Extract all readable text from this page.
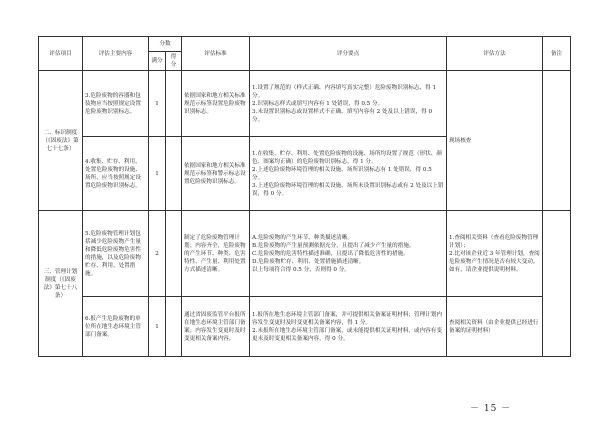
评估项目	评估主要内容	分数		评估标准	评分要点	评估方法	备注
		满分	得分				
二、标识制度（《固废法》第七十七条）	3.危险废物的容器和包装物应当按照规定设置危险废物识别标志。	1		依据国家和地方相关标准规范示标签设置危险废物识别标志。	1.设置了规范的（样式正确、内容填写真实完整）危险废物识别标志，得 1 分。
2.识别标志样式或填写内容有 1 处错误，得 0.5 分。
3.未设置识别标志或设置样式不正确、填写内容有 2 处及以上错误，得 0 分。	现场核查	
	4.收集、贮存、利用、处置危险废物的设施、场所，应当按照规定设置危险废物识别标志。	1		依据国家和地方相关标准规范示标签和警示标志设置危险废物识别标志。	1.在收集、贮存、利用、处置危险废物的设施、场所均设置了规范（形状、颜色、图案均正确）的危险废物识别标志，得 1 分。
2.上述危险废物环境管理的相关设施、场所识别标志有 1 处错误，得 0.5 分。
3.上述危险废物环境管理的相关设施、场所未设置识别标志或有 2 处及以上错误，得 0 分。		

三、管理计划制度（《固废法》第七十八条）	5.危险废物管理计划包括减少危险废物产生量和降低危险废物危害性的措施，以及危险废物贮存、利用、处置措施。	2		制定了危险废物管理计划；内容齐全，危险废物的产生环节、种类、危害特性、产生量、利用处置方式描述清晰。	A.危险废物的产生环节、种类描述清晰。
B.危险废物的产生量预测依据充分，且提出了减少产生量的措施。
C.危险废物的危害特性描述准确，且提出了降低危害性的措施。
D.危险废物贮存、利用、处置措施描述清晰。
以上每项符合得 0.5 分，否则得 0 分。	1.查阅相关资料（查看危险废物管理计划）；
2.比对该企业近 3 年管理计划，查阅危险废物产生情况是否有较大变动。如有，请企业提供说明材料。	

	6.报产生危险废物的单位所在地生态环境主管部门备案。	1		通过省固废监管平台报所在地生态环境主管部门备案；内容发生变更时及时变更相关备案内容。	1.报所在地生态环境主管部门备案，并可提供相关备案证明材料；管理计划内容发生变更时及时变更相关备案内容，得 1 分。
2.未报所在地生态环境主管部门备案，或未能提供相关证明材料，或内容有变更未及时变更相关备案内容，得 0 分。	查阅相关资料（由企业提供已经进行备案的证明材料）	
－ 15 －
